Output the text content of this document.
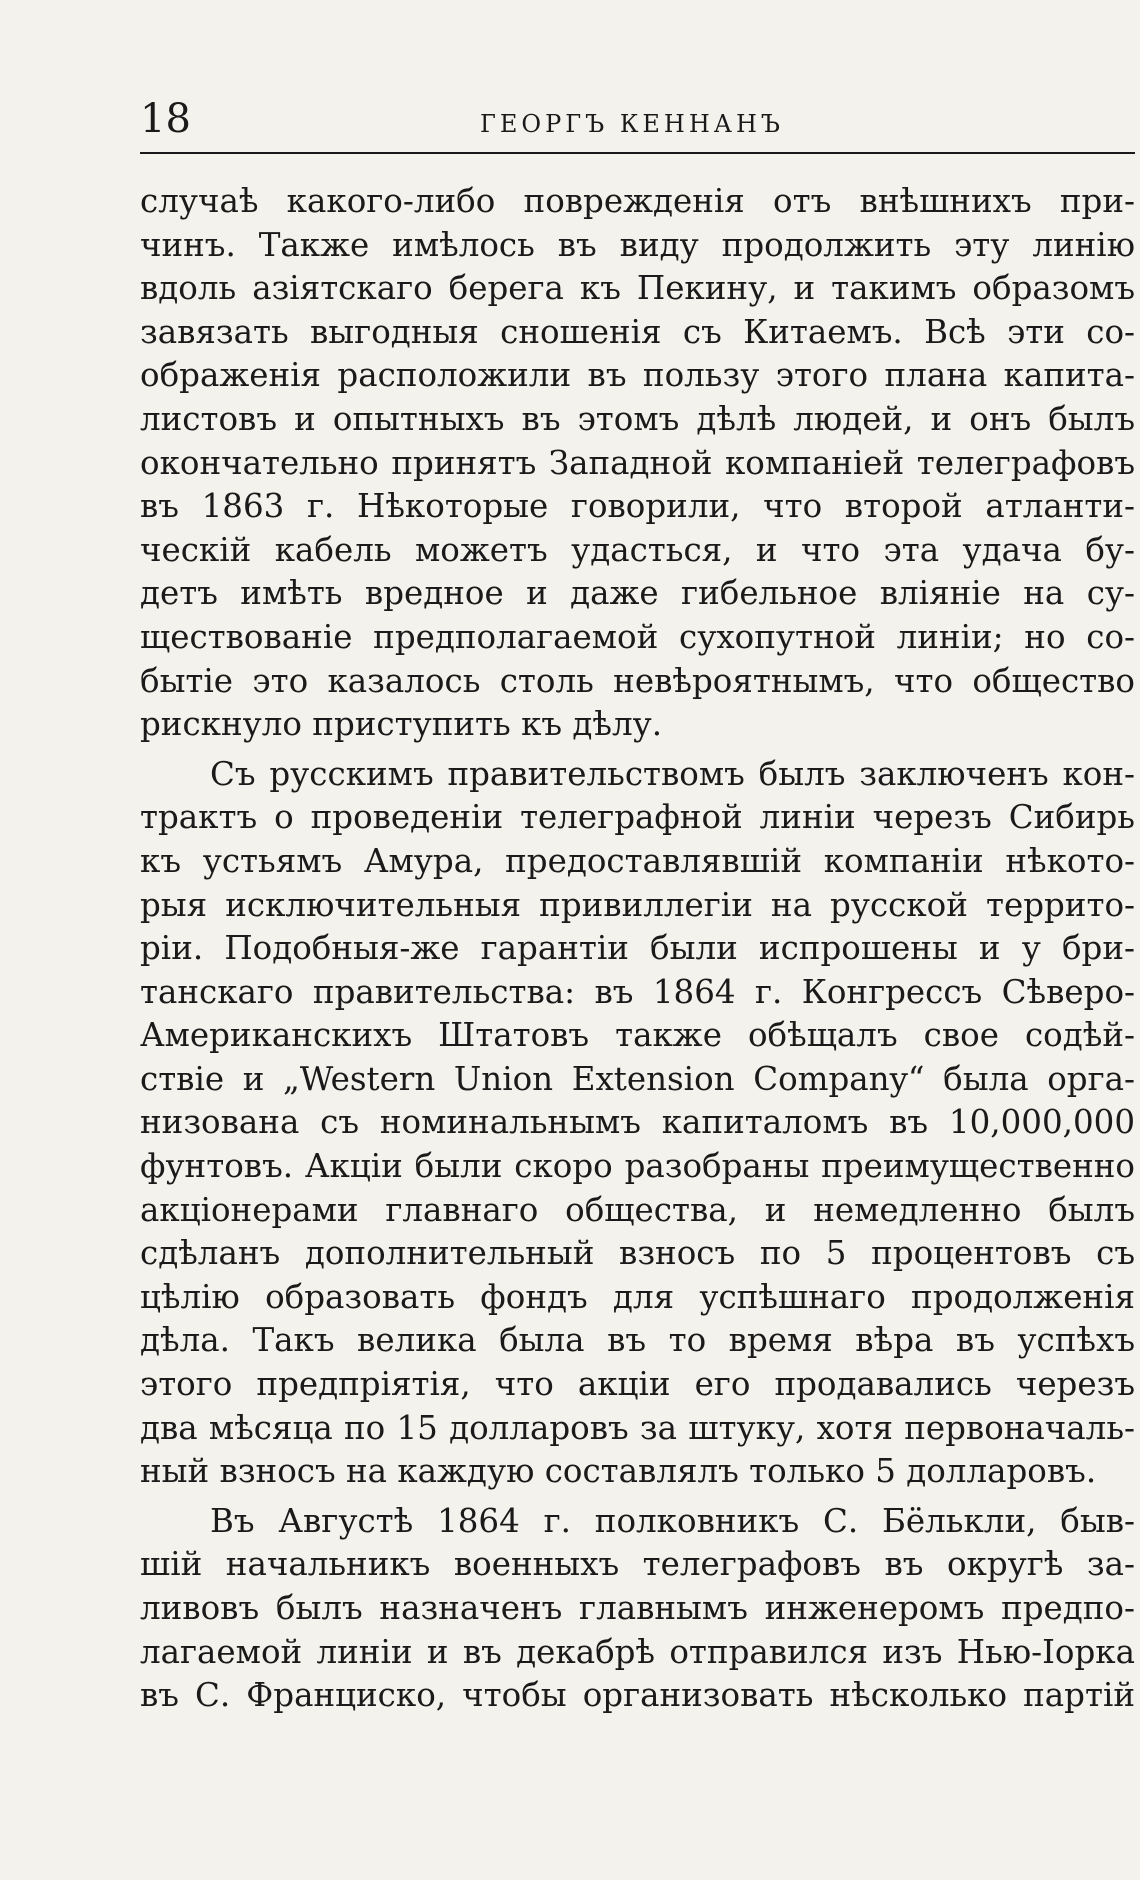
18	ГЕОРГЪ КЕННАНЪ
случаѣ какого-либо поврежденія отъ внѣшнихъ при-
чинъ. Также имѣлось въ виду продолжить эту линію
вдоль азіятскаго берега къ Пекину, и такимъ образомъ
завязать выгодныя сношенія съ Китаемъ. Всѣ эти со-
ображенія расположили въ пользу этого плана капита-
листовъ и опытныхъ въ этомъ дѣлѣ людей, и онъ былъ
окончательно принятъ Западной компаніей телеграфовъ
въ 1863 г. Нѣкоторые говорили, что второй атланти-
ческій кабель можетъ удасться, и что эта удача бу-
детъ имѣть вредное и даже гибельное вліяніе на су-
ществованіе предполагаемой сухопутной линіи; но со-
бытіе это казалось столь невѣроятнымъ, что общество
рискнуло приступить къ дѣлу.
Съ русскимъ правительствомъ былъ заключенъ кон-
трактъ о проведеніи телеграфной линіи черезъ Сибирь
къ устьямъ Амура, предоставлявшій компаніи нѣкото-
рыя исключительныя привиллегіи на русской террито-
ріи. Подобныя-же гарантіи были испрошены и у бри-
танскаго правительства: въ 1864 г. Конгрессъ Сѣверо-
Американскихъ Штатовъ также обѣщалъ свое содѣй-
ствіе и „Western Union Extension Company“ была орга-
низована съ номинальнымъ капиталомъ въ 10,000,000
фунтовъ. Акціи были скоро разобраны преимущественно
акціонерами главнаго общества, и немедленно былъ
сдѣланъ дополнительный взносъ по 5 процентовъ съ
цѣлію образовать фондъ для успѣшнаго продолженія
дѣла. Такъ велика была въ то время вѣра въ успѣхъ
этого предпріятія, что акціи его продавались черезъ
два мѣсяца по 15 долларовъ за штуку, хотя первоначаль-
ный взносъ на каждую составлялъ только 5 долларовъ.
Въ Августѣ 1864 г. полковникъ С. Бёлькли, быв-
шій начальникъ военныхъ телеграфовъ въ округѣ за-
ливовъ былъ назначенъ главнымъ инженеромъ предпо-
лагаемой линіи и въ декабрѣ отправился изъ Нью-Іорка
въ С. Франциско, чтобы организовать нѣсколько партій
